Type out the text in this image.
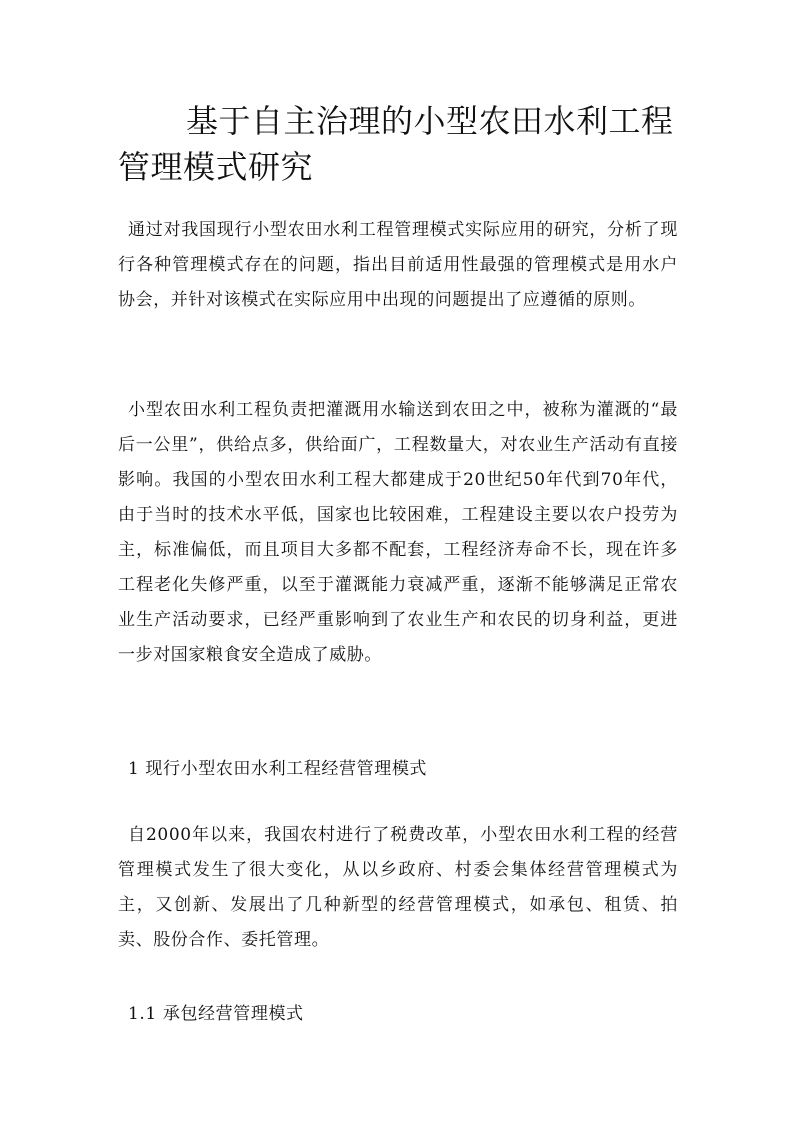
基于自主治理的小型农田水利工程管理模式研究

通过对我国现行小型农田水利工程管理模式实际应用的研究，分析了现行各种管理模式存在的问题，指出目前适用性最强的管理模式是用水户协会，并针对该模式在实际应用中出现的问题提出了应遵循的原则。

小型农田水利工程负责把灌溉用水输送到农田之中，被称为灌溉的“最后一公里”，供给点多，供给面广，工程数量大，对农业生产活动有直接影响。我国的小型农田水利工程大都建成于20世纪50年代到70年代，由于当时的技术水平低，国家也比较困难，工程建设主要以农户投劳为主，标准偏低，而且项目大多都不配套，工程经济寿命不长，现在许多工程老化失修严重，以至于灌溉能力衰减严重，逐渐不能够满足正常农业生产活动要求，已经严重影响到了农业生产和农民的切身利益，更进一步对国家粮食安全造成了威胁。

1 现行小型农田水利工程经营管理模式

自2000年以来，我国农村进行了税费改革，小型农田水利工程的经营管理模式发生了很大变化，从以乡政府、村委会集体经营管理模式为主，又创新、发展出了几种新型的经营管理模式，如承包、租赁、拍卖、股份合作、委托管理。

1.1 承包经营管理模式
